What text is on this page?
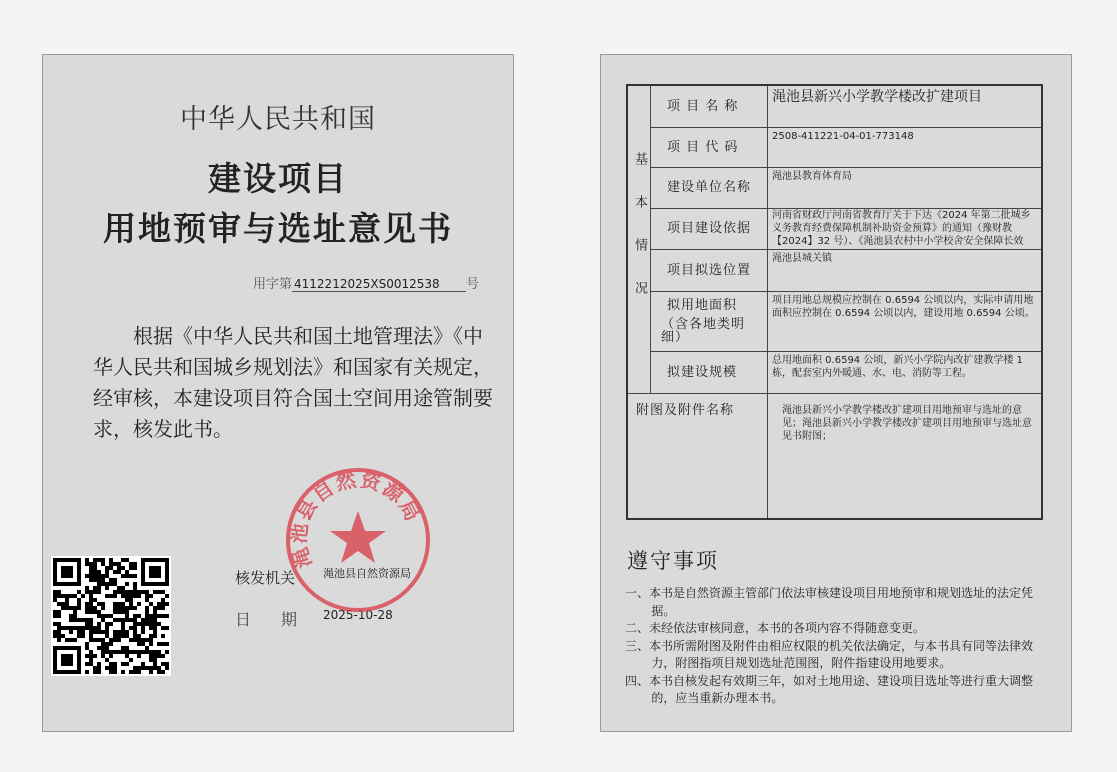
中华人民共和国
建设项目
用地预审与选址意见书
用字第 4112212025XS0012538 号
根据《中华人民共和国土地管理法》《中华人民共和国城乡规划法》和国家有关规定，经审核，本建设项目符合国土空间用途管制要求，核发此书。
核发机关	渑池县自然资源局
日期
2025-10-28
渑池县自然资源局
基本情况	项 目 名 称	渑池县新兴小学教学楼改扩建项目
	项 目 代 码	2508-411221-04-01-773148
	建设单位名称	渑池县教育体育局
	项目建设依据	河南省财政厅河南省教育厅关于下达《2024 年第二批城乡义务教育经费保障机制补助资金预算》的通知（豫财教【2024】32 号）、《渑池县农村中小学校舍安全保障长效

	项目拟选位置	渑池县城关镇

	拟用地面积
（含各地类明细）	项目用地总规模应控制在 0.6594 公顷以内，实际申请用地面积应控制在 0.6594 公顷以内，建设用地 0.6594 公顷。
	拟建设规模	总用地面积 0.6594 公顷，新兴小学院内改扩建教学楼 1 栋，配套室内外暖通、水、电、消防等工程。
附图及附件名称		渑池县新兴小学教学楼改扩建项目用地预审与选址的意见；渑池县新兴小学教学楼改扩建项目用地预审与选址意见书附图；
遵守事项
一、本书是自然资源主管部门依法审核建设项目用地预审和规划选址的法定凭据。
二、未经依法审核同意，本书的各项内容不得随意变更。
三、本书所需附图及附件由相应权限的机关依法确定，与本书具有同等法律效力，附图指项目规划选址范围图，附件指建设用地要求。
四、本书自核发起有效期三年，如对土地用途、建设项目选址等进行重大调整的，应当重新办理本书。
